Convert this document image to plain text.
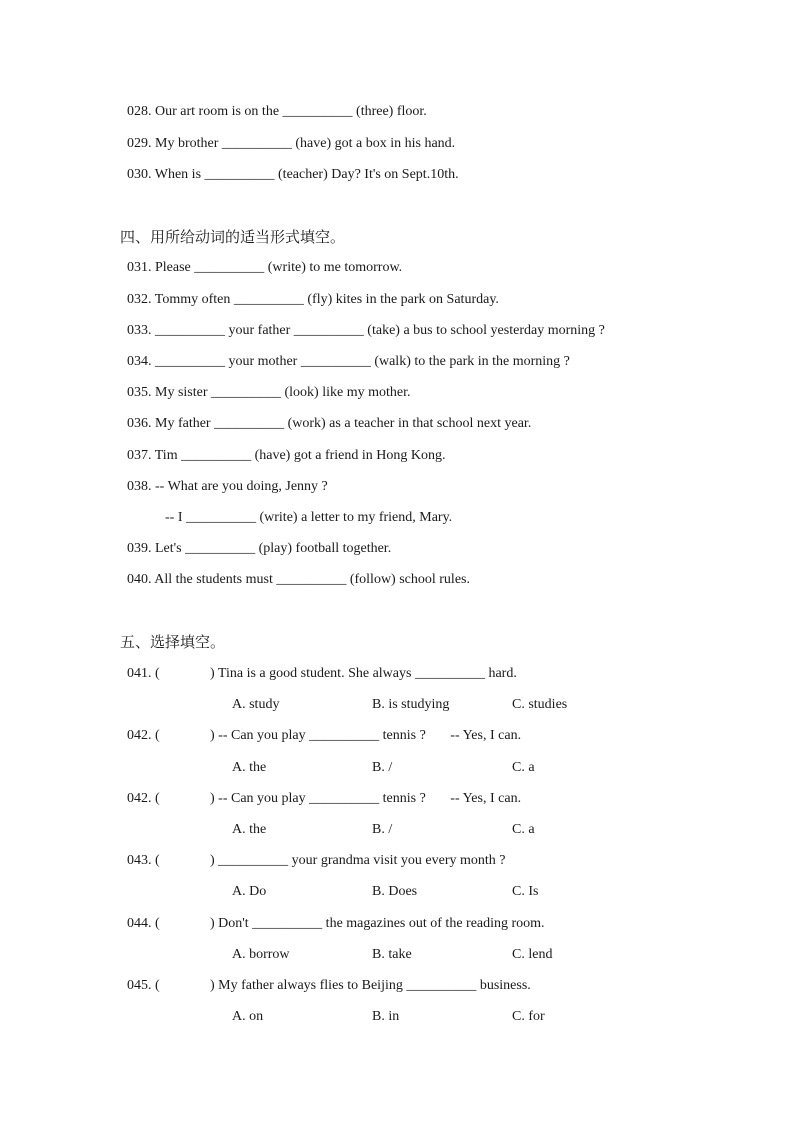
028. Our art room is on the __________ (three) floor.
029. My brother __________ (have) got a box in his hand.
030. When is __________ (teacher) Day? It's on Sept.10th.
四、用所给动词的适当形式填空。
031. Please __________ (write) to me tomorrow.
032. Tommy often __________ (fly) kites in the park on Saturday.
033. __________ your father __________ (take) a bus to school yesterday morning ?
034. __________ your mother __________ (walk) to the park in the morning ?
035. My sister __________ (look) like my mother.
036. My father __________ (work) as a teacher in that school next year.
037. Tim __________ (have) got a friend in Hong Kong.
038. -- What are you doing, Jenny ?
-- I __________ (write) a letter to my friend, Mary.
039. Let's __________ (play) football together.
040. All the students must __________ (follow) school rules.
五、选择填空。
041. (	) Tina is a good student. She always __________ hard.
A. study	B. is studying	C. studies
042. (	) -- Can you play __________ tennis ?       -- Yes, I can.
A. the	B. /	C. a
042. (	) -- Can you play __________ tennis ?       -- Yes, I can.
A. the	B. /	C. a
043. (	) __________ your grandma visit you every month ?
A. Do	B. Does	C. Is
044. (	) Don't __________ the magazines out of the reading room.
A. borrow	B. take	C. lend
045. (	) My father always flies to Beijing __________ business.
A. on	B. in	C. for
